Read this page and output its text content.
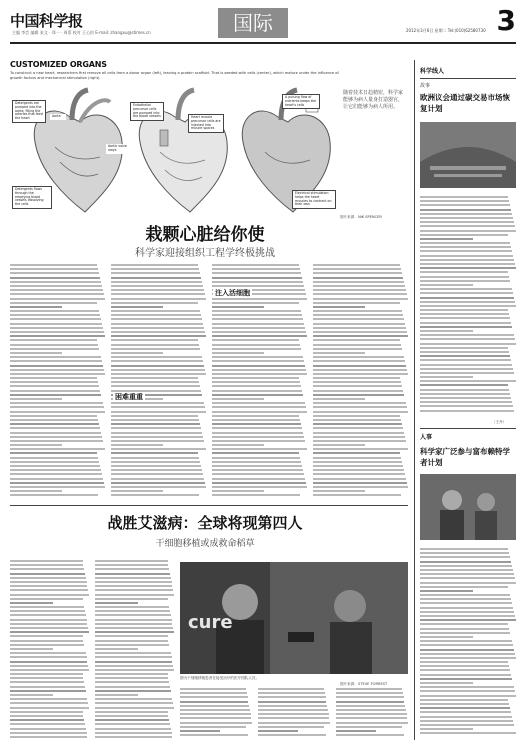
中国科学报
主编 李芸 编辑 张文 · 郑一 · 周菁 校对 王心怡 E-mail: zhangxu@stimes.cn	国际	2012年3月6日 星期二 Tel:(010)62580730 3
CUSTOMIZED ORGANS
To construct a new heart, researchers first remove all cells from a donor organ (left), leaving a protein scaffold. That is seeded with cells (center), which mature under the influence of growth factors and mechanical stimulation (right).
Detergents are pumped into the aorta, filling the arteries that feed the heart
Aorta
Aortic valve stays
Detergents flows through the emptying blood vessels dissolving the cells
Endothelial precursor cells are pumped into the blood vessels	Heart muscle precursor cells are injected into muscle spaces
A pulsing flow of nutrients keeps the heart's cells
Electrical stimulation helps the heart muscles to contract on their own
随着技术日趋精密，科学家能够为病人量身打造器官，让它们能够为病人所用。
图片来源：NIK SPENCER
栽颗心脏给你使
科学家迎接组织工程学终极挑战
注入活细胞
困难重重
战胜艾滋病：全球将现第四人
干细胞移植或成救命稻草
cure
图为干细胞移植患者在接受治疗的医疗团队人员。
图片来源：STEVE FORREST
科学线人
故事
欧洲议会通过碳交易市场恢复计划
（王丹）
人事
科学家广泛参与富布赖特学者计划
